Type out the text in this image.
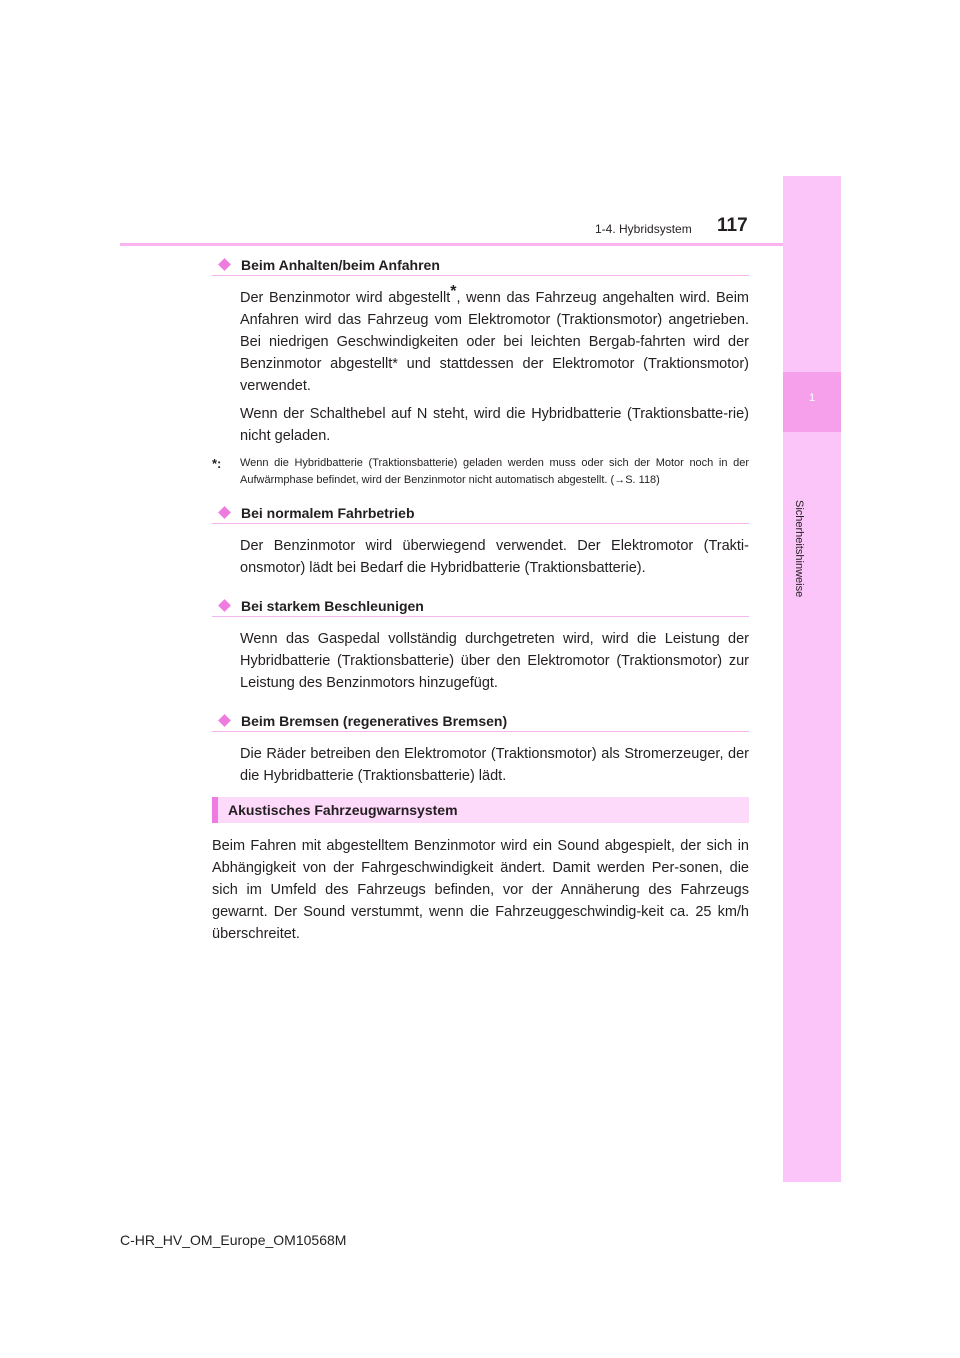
1
Sicherheitshinweise
1-4. Hybridsystem 117
Beim Anhalten/beim Anfahren

Der Benzinmotor wird abgestellt*, wenn das Fahrzeug angehalten wird. Beim Anfahren wird das Fahrzeug vom Elektromotor (Traktionsmotor) angetrieben. Bei niedrigen Geschwindigkeiten oder bei leichten Bergab-fahrten wird der Benzinmotor abgestellt* und stattdessen der Elektromotor (Traktionsmotor) verwendet.

Wenn der Schalthebel auf N steht, wird die Hybridbatterie (Traktionsbatte-rie) nicht geladen.

*:	Wenn die Hybridbatterie (Traktionsbatterie) geladen werden muss oder sich der Motor noch in der Aufwärmphase befindet, wird der Benzinmotor nicht automatisch abgestellt. (→S. 118)
Bei normalem Fahrbetrieb

Der Benzinmotor wird überwiegend verwendet. Der Elektromotor (Trakti-onsmotor) lädt bei Bedarf die Hybridbatterie (Traktionsbatterie).

Bei starkem Beschleunigen

Wenn das Gaspedal vollständig durchgetreten wird, wird die Leistung der Hybridbatterie (Traktionsbatterie) über den Elektromotor (Traktionsmotor) zur Leistung des Benzinmotors hinzugefügt.

Beim Bremsen (regeneratives Bremsen)

Die Räder betreiben den Elektromotor (Traktionsmotor) als Stromerzeuger, der die Hybridbatterie (Traktionsbatterie) lädt.

Akustisches Fahrzeugwarnsystem

Beim Fahren mit abgestelltem Benzinmotor wird ein Sound abgespielt, der sich in Abhängigkeit von der Fahrgeschwindigkeit ändert. Damit werden Per-sonen, die sich im Umfeld des Fahrzeugs befinden, vor der Annäherung des Fahrzeugs gewarnt. Der Sound verstummt, wenn die Fahrzeuggeschwindig-keit ca. 25 km/h überschreitet.

C-HR_HV_OM_Europe_OM10568M
